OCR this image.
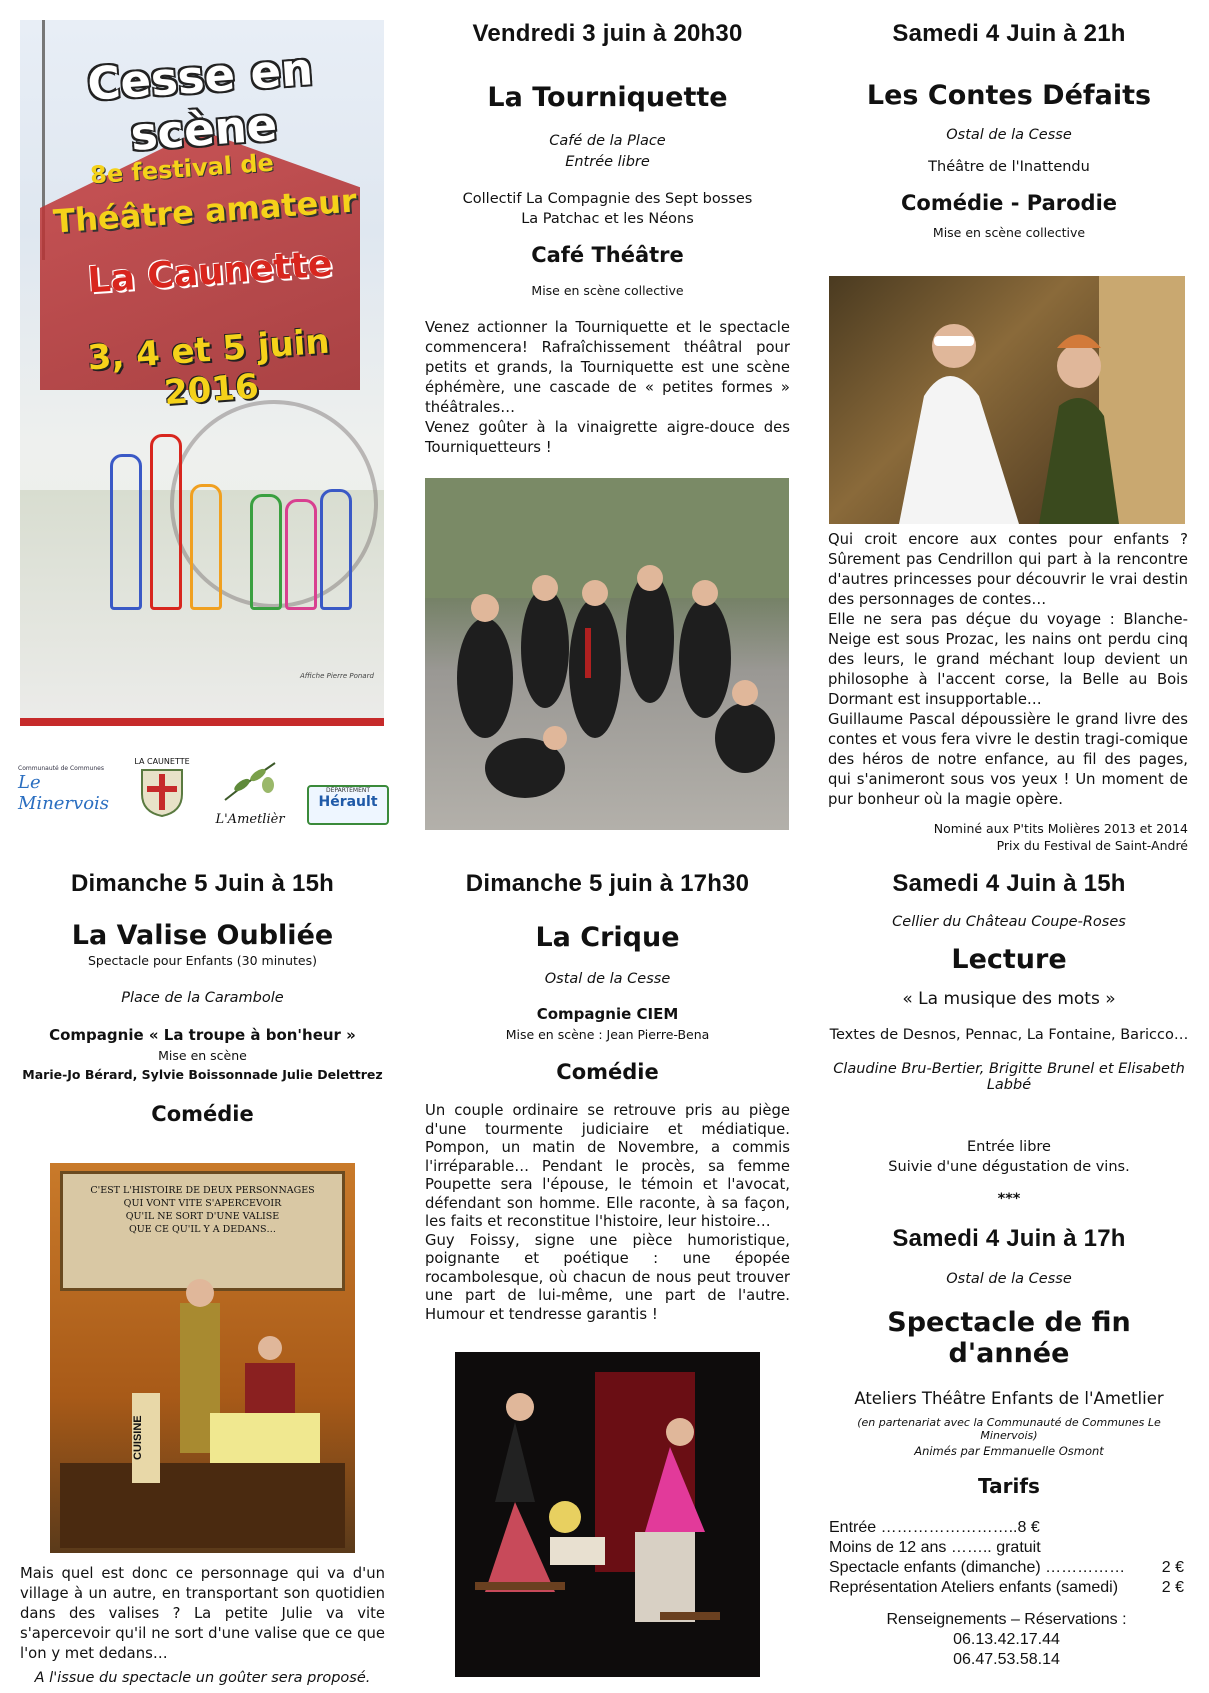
Cesse en scène
8e festival de
Théâtre amateur
La Caunette
3, 4 et 5 juin 2016
Affiche Pierre Ponard
Communauté de Communes
Le Minervois
LA CAUNETTE
L'Ametlièr
DÉPARTEMENT
Hérault

Vendredi 3 juin à 20h30

La Tourniquette

Café de la Place
Entrée libre
Collectif La Compagnie des Sept bosses
La Patchac et les Néons

Café Théâtre

Mise en scène collective
Venez actionner la Tourniquette et le spectacle commencera! Rafraîchissement théâtral pour petits et grands, la Tourniquette est une scène éphémère, une cascade de « petites formes » théâtrales…
Venez goûter à la vinaigrette aigre-douce des Tourniquetteurs !

Samedi 4 Juin à 21h

Les Contes Défaits

Ostal de la Cesse
Théâtre de l'Inattendu

Comédie - Parodie

Mise en scène collective
Qui croit encore aux contes pour enfants ? Sûrement pas Cendrillon qui part à la rencontre d'autres princesses pour découvrir le vrai destin des personnages de contes…
Elle ne sera pas déçue du voyage : Blanche-Neige est sous Prozac, les nains ont perdu cinq des leurs, le grand méchant loup devient un philosophe à l'accent corse, la Belle au Bois Dormant est insupportable…
Guillaume Pascal dépoussière le grand livre des contes et vous fera vivre le destin tragi-comique des héros de notre enfance, au fil des pages, qui s'animeront sous vos yeux ! Un moment de pur bonheur où la magie opère.
Nominé aux P'tits Molières 2013 et 2014
Prix du Festival de Saint-André

Dimanche 5 Juin à 15h

La Valise Oubliée

Spectacle pour Enfants (30 minutes)
Place de la Carambole
Compagnie « La troupe à bon'heur »
Mise en scène
Marie-Jo Bérard, Sylvie Boissonnade Julie Delettrez

Comédie

C'EST L'HISTOIRE DE DEUX PERSONNAGES
QUI VONT VITE S'APERCEVOIR
QU'IL NE SORT D'UNE VALISE
QUE CE QU'IL Y A DEDANS…
CUISINE
Mais quel est donc ce personnage qui va d'un village à un autre, en transportant son quotidien dans des valises ? La petite Julie va vite s'apercevoir qu'il ne sort d'une valise que ce que l'on y met dedans…
A l'issue du spectacle un goûter sera proposé.

Dimanche 5 juin à 17h30

La Crique

Ostal de la Cesse
Compagnie CIEM
Mise en scène : Jean Pierre-Bena

Comédie

Un couple ordinaire se retrouve pris au piège d'une tourmente judiciaire et médiatique. Pompon, un matin de Novembre, a commis l'irréparable… Pendant le procès, sa femme Poupette sera l'épouse, le témoin et l'avocat, défendant son homme. Elle raconte, à sa façon, les faits et reconstitue l'histoire, leur histoire…
Guy Foissy, signe une pièce humoristique, poignante et poétique : une épopée rocambolesque, où chacun de nous peut trouver une part de lui-même, une part de l'autre. Humour et tendresse garantis !

Samedi 4 Juin à 15h

Cellier du Château Coupe-Roses

Lecture

« La musique des mots »
Textes de Desnos, Pennac, La Fontaine, Baricco…
Claudine Bru-Bertier, Brigitte Brunel et Elisabeth Labbé
Entrée libre
Suivie d'une dégustation de vins.
***

Samedi 4 Juin à 17h

Ostal de la Cesse

Spectacle de fin d'année

Ateliers Théâtre Enfants de l'Ametlier
(en partenariat avec la Communauté de Communes Le Minervois)
Animés par Emmanuelle Osmont

Tarifs

Entrée ……………………..8 €
Moins de 12 ans …….. gratuit
Spectacle enfants (dimanche) …………… 2 €
Représentation Ateliers enfants (samedi)	2 €
Renseignements – Réservations :
06.13.42.17.44
06.47.53.58.14
